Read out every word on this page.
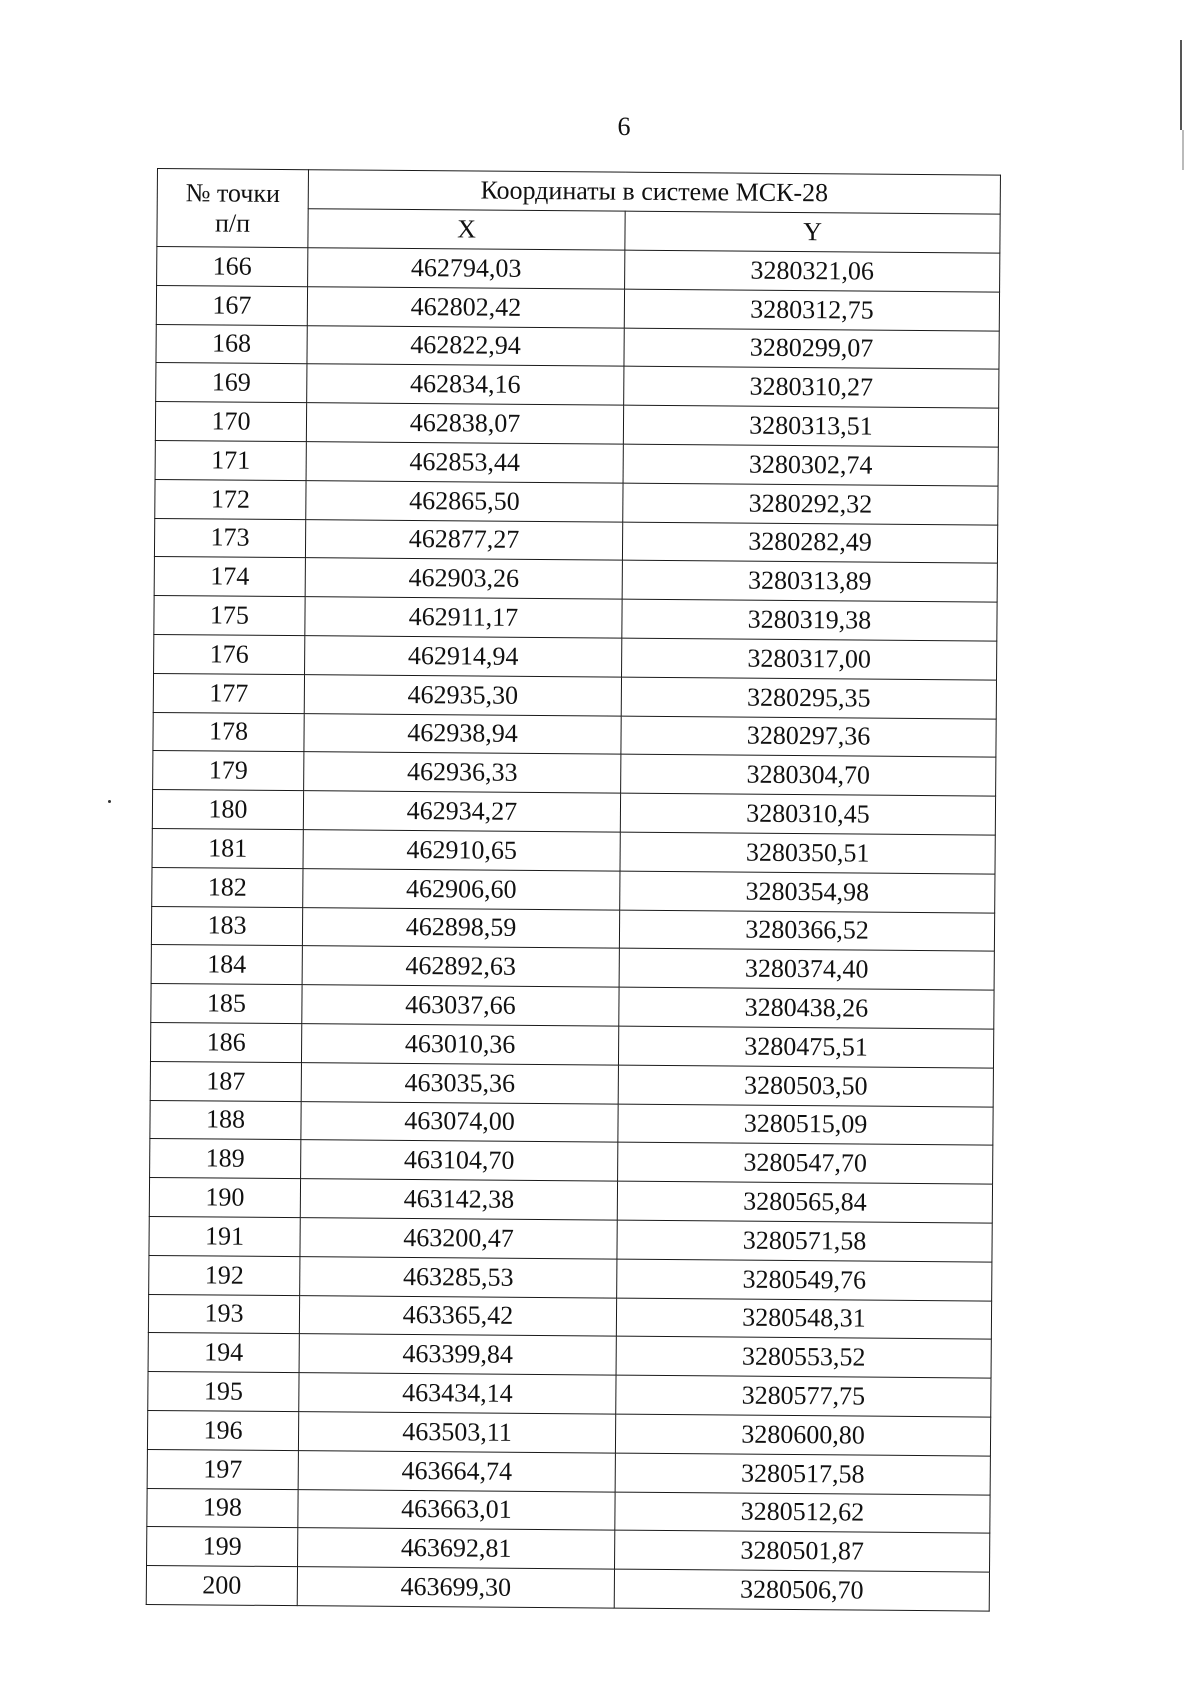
6
№ точки
п/п	Координаты в системе МСК-28	
	X	Y
166	462794,03	3280321,06
167	462802,42	3280312,75
168	462822,94	3280299,07
169	462834,16	3280310,27
170	462838,07	3280313,51
171	462853,44	3280302,74
172	462865,50	3280292,32
173	462877,27	3280282,49
174	462903,26	3280313,89
175	462911,17	3280319,38
176	462914,94	3280317,00
177	462935,30	3280295,35
178	462938,94	3280297,36
179	462936,33	3280304,70
180	462934,27	3280310,45
181	462910,65	3280350,51
182	462906,60	3280354,98
183	462898,59	3280366,52
184	462892,63	3280374,40
185	463037,66	3280438,26
186	463010,36	3280475,51
187	463035,36	3280503,50
188	463074,00	3280515,09
189	463104,70	3280547,70
190	463142,38	3280565,84
191	463200,47	3280571,58
192	463285,53	3280549,76
193	463365,42	3280548,31
194	463399,84	3280553,52
195	463434,14	3280577,75
196	463503,11	3280600,80
197	463664,74	3280517,58
198	463663,01	3280512,62
199	463692,81	3280501,87
200	463699,30	3280506,70
